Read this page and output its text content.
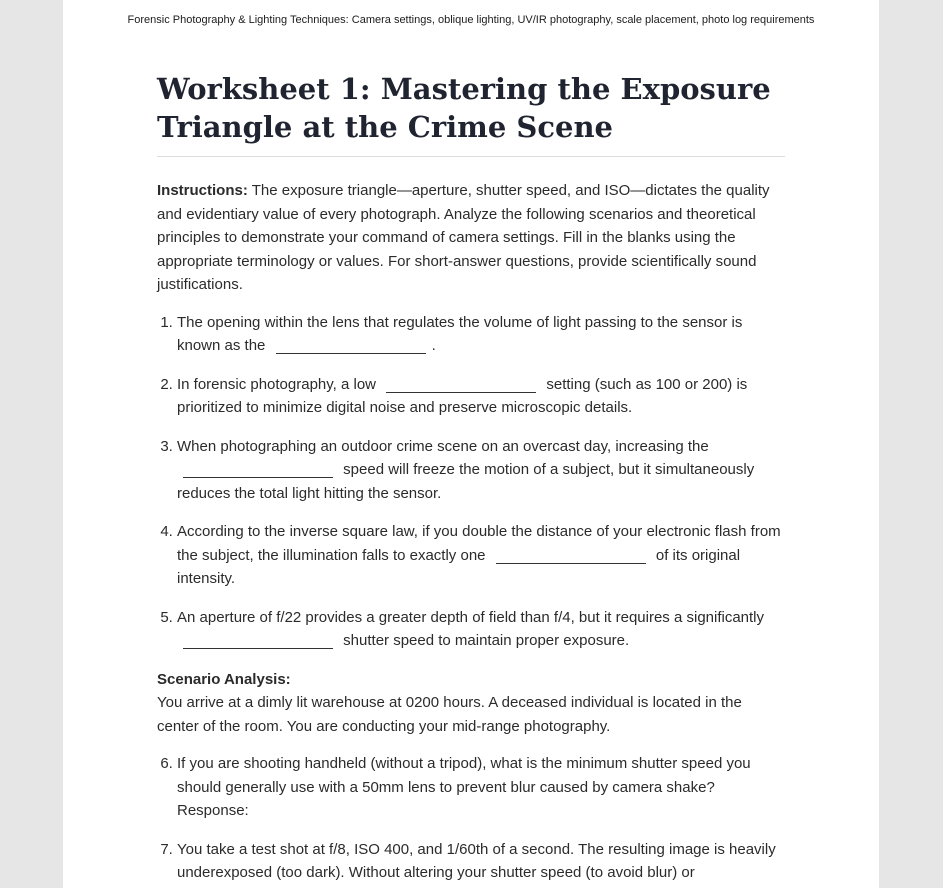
Forensic Photography & Lighting Techniques: Camera settings, oblique lighting, UV/IR photography, scale placement, photo log requirements
Worksheet 1: Mastering the Exposure Triangle at the Crime Scene

Instructions: The exposure triangle—aperture, shutter speed, and ISO—dictates the quality and evidentiary value of every photograph. Analyze the following scenarios and theoretical principles to demonstrate your command of camera settings. Fill in the blanks using the appropriate terminology or values. For short-answer questions, provide scientifically sound justifications.

1. The opening within the lens that regulates the volume of light passing to the sensor is known as the	.
2. In forensic photography, a low	setting (such as 100 or 200) is prioritized to minimize digital noise and preserve microscopic details.
3. When photographing an outdoor crime scene on an overcast day, increasing the  speed will freeze the motion of a subject, but it simultaneously reduces the total light hitting the sensor.
4. According to the inverse square law, if you double the distance of your electronic flash from the subject, the illumination falls to exactly one	of its original intensity.
5. An aperture of f/22 provides a greater depth of field than f/4, but it requires a significantly  shutter speed to maintain proper exposure.

Scenario Analysis:
You arrive at a dimly lit warehouse at 0200 hours. A deceased individual is located in the center of the room. You are conducting your mid-range photography.

6. If you are shooting handheld (without a tripod), what is the minimum shutter speed you should generally use with a 50mm lens to prevent blur caused by camera shake?
Response:
7. You take a test shot at f/8, ISO 400, and 1/60th of a second. The resulting image is heavily underexposed (too dark). Without altering your shutter speed (to avoid blur) or
